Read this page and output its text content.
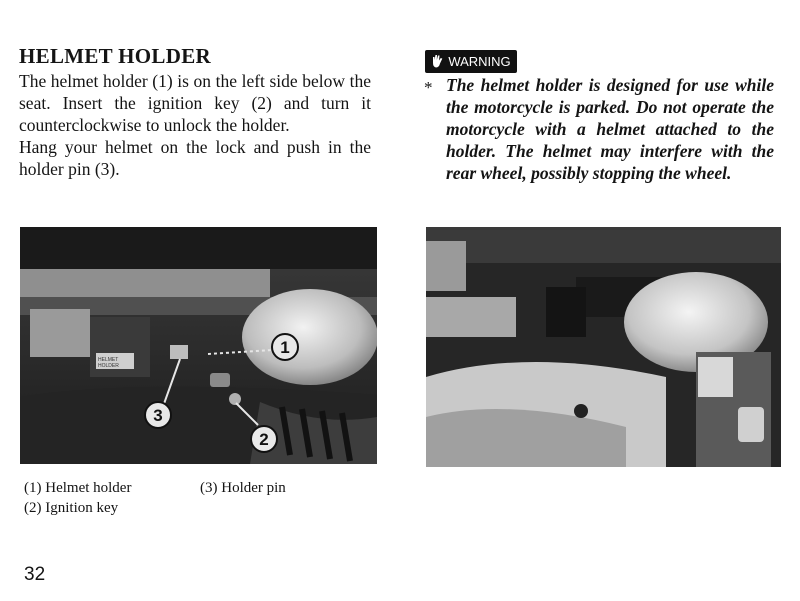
HELMET HOLDER

The helmet holder (1) is on the left side below the seat. Insert the ignition key (2) and turn it counterclockwise to unlock the holder.

Hang your helmet on the lock and push in the holder pin (3).

WARNING
* The helmet holder is designed for use while the motorcycle is parked. Do not operate the motorcycle with a helmet attached to the holder. The helmet may interfere with the rear wheel, possibly stopping the wheel.

HELMET
HOLDER
1
2
3
(1) Helmet holder
(2) Ignition key
(3) Holder pin

32
